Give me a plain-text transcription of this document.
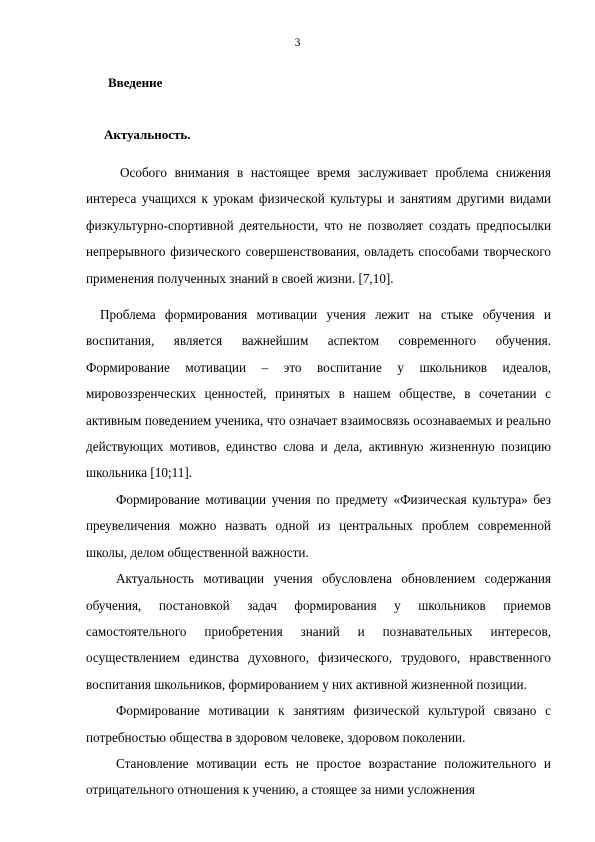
3
Введение
Актуальность.

Особого внимания в настоящее время заслуживает проблема снижения интереса учащихся к урокам физической культуры и занятиям другими видами физкультурно-спортивной деятельности, что не позволяет создать предпосылки непрерывного физического совершенствования, овладеть способами творческого применения полученных знаний в своей жизни. [7,10].

Проблема формирования мотивации учения лежит на стыке обучения и воспитания, является важнейшим аспектом современного обучения. Формирование мотивации – это воспитание у школьников идеалов, мировоззренческих ценностей, принятых в нашем обществе, в сочетании с активным поведением ученика, что означает взаимосвязь осознаваемых и реально действующих мотивов, единство слова и дела, активную жизненную позицию школьника [10;11].

Формирование мотивации учения по предмету «Физическая культура» без преувеличения можно назвать одной из центральных проблем современной школы, делом общественной важности.

Актуальность мотивации учения обусловлена обновлением содержания обучения, постановкой задач формирования у школьников приемов самостоятельного приобретения знаний и познавательных интересов, осуществлением единства духовного, физического, трудового, нравственного воспитания школьников, формированием у них активной жизненной позиции.

Формирование мотивации к занятиям физической культурой связано с потребностью общества в здоровом человеке, здоровом поколении.

Становление мотивации есть не простое возрастание положительного и отрицательного отношения к учению, а стоящее за ними усложнения
